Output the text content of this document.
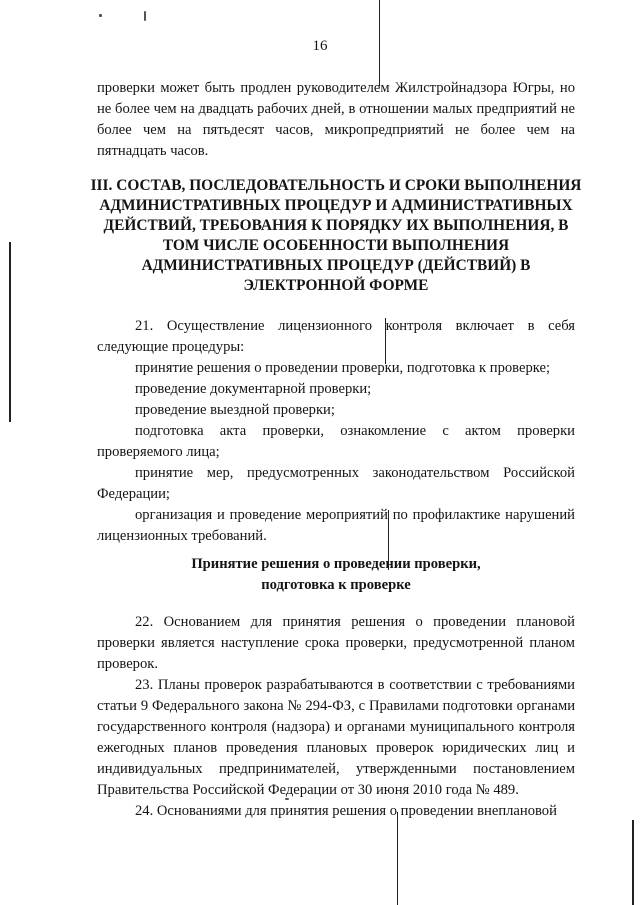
16

проверки может быть продлен руководителем Жилстройнадзора Югры, но не более чем на двадцать рабочих дней, в отношении малых предприятий не более чем на пятьдесят часов, микропредприятий не более чем на пятнадцать часов.

III. СОСТАВ, ПОСЛЕДОВАТЕЛЬНОСТЬ И СРОКИ ВЫПОЛНЕНИЯ

АДМИНИСТРАТИВНЫХ ПРОЦЕДУР И АДМИНИСТРАТИВНЫХ

ДЕЙСТВИЙ, ТРЕБОВАНИЯ К ПОРЯДКУ ИХ ВЫПОЛНЕНИЯ, В

ТОМ ЧИСЛЕ ОСОБЕННОСТИ ВЫПОЛНЕНИЯ

АДМИНИСТРАТИВНЫХ ПРОЦЕДУР (ДЕЙСТВИЙ) В

ЭЛЕКТРОННОЙ ФОРМЕ

21. Осуществление лицензионного контроля включает в себя следующие процедуры:

принятие решения о проведении проверки, подготовка к проверке;

проведение документарной проверки;

проведение выездной проверки;

подготовка акта проверки, ознакомление с актом проверки проверяемого лица;

принятие мер, предусмотренных законодательством Российской Федерации;

организация и проведение мероприятий по профилактике нарушений лицензионных требований.

Принятие решения о проведении проверки,

подготовка к проверке

22. Основанием для принятия решения о проведении плановой проверки является наступление срока проверки, предусмотренной планом проверок.

23. Планы проверок разрабатываются в соответствии с требованиями статьи 9 Федерального закона № 294-ФЗ, с Правилами подготовки органами государственного контроля (надзора) и органами муниципального контроля ежегодных планов проведения плановых проверок юридических лиц и индивидуальных предпринимателей, утвержденными постановлением Правительства Российской Федерации от 30 июня 2010 года № 489.

24. Основаниями для принятия решения о проведении внеплановой
